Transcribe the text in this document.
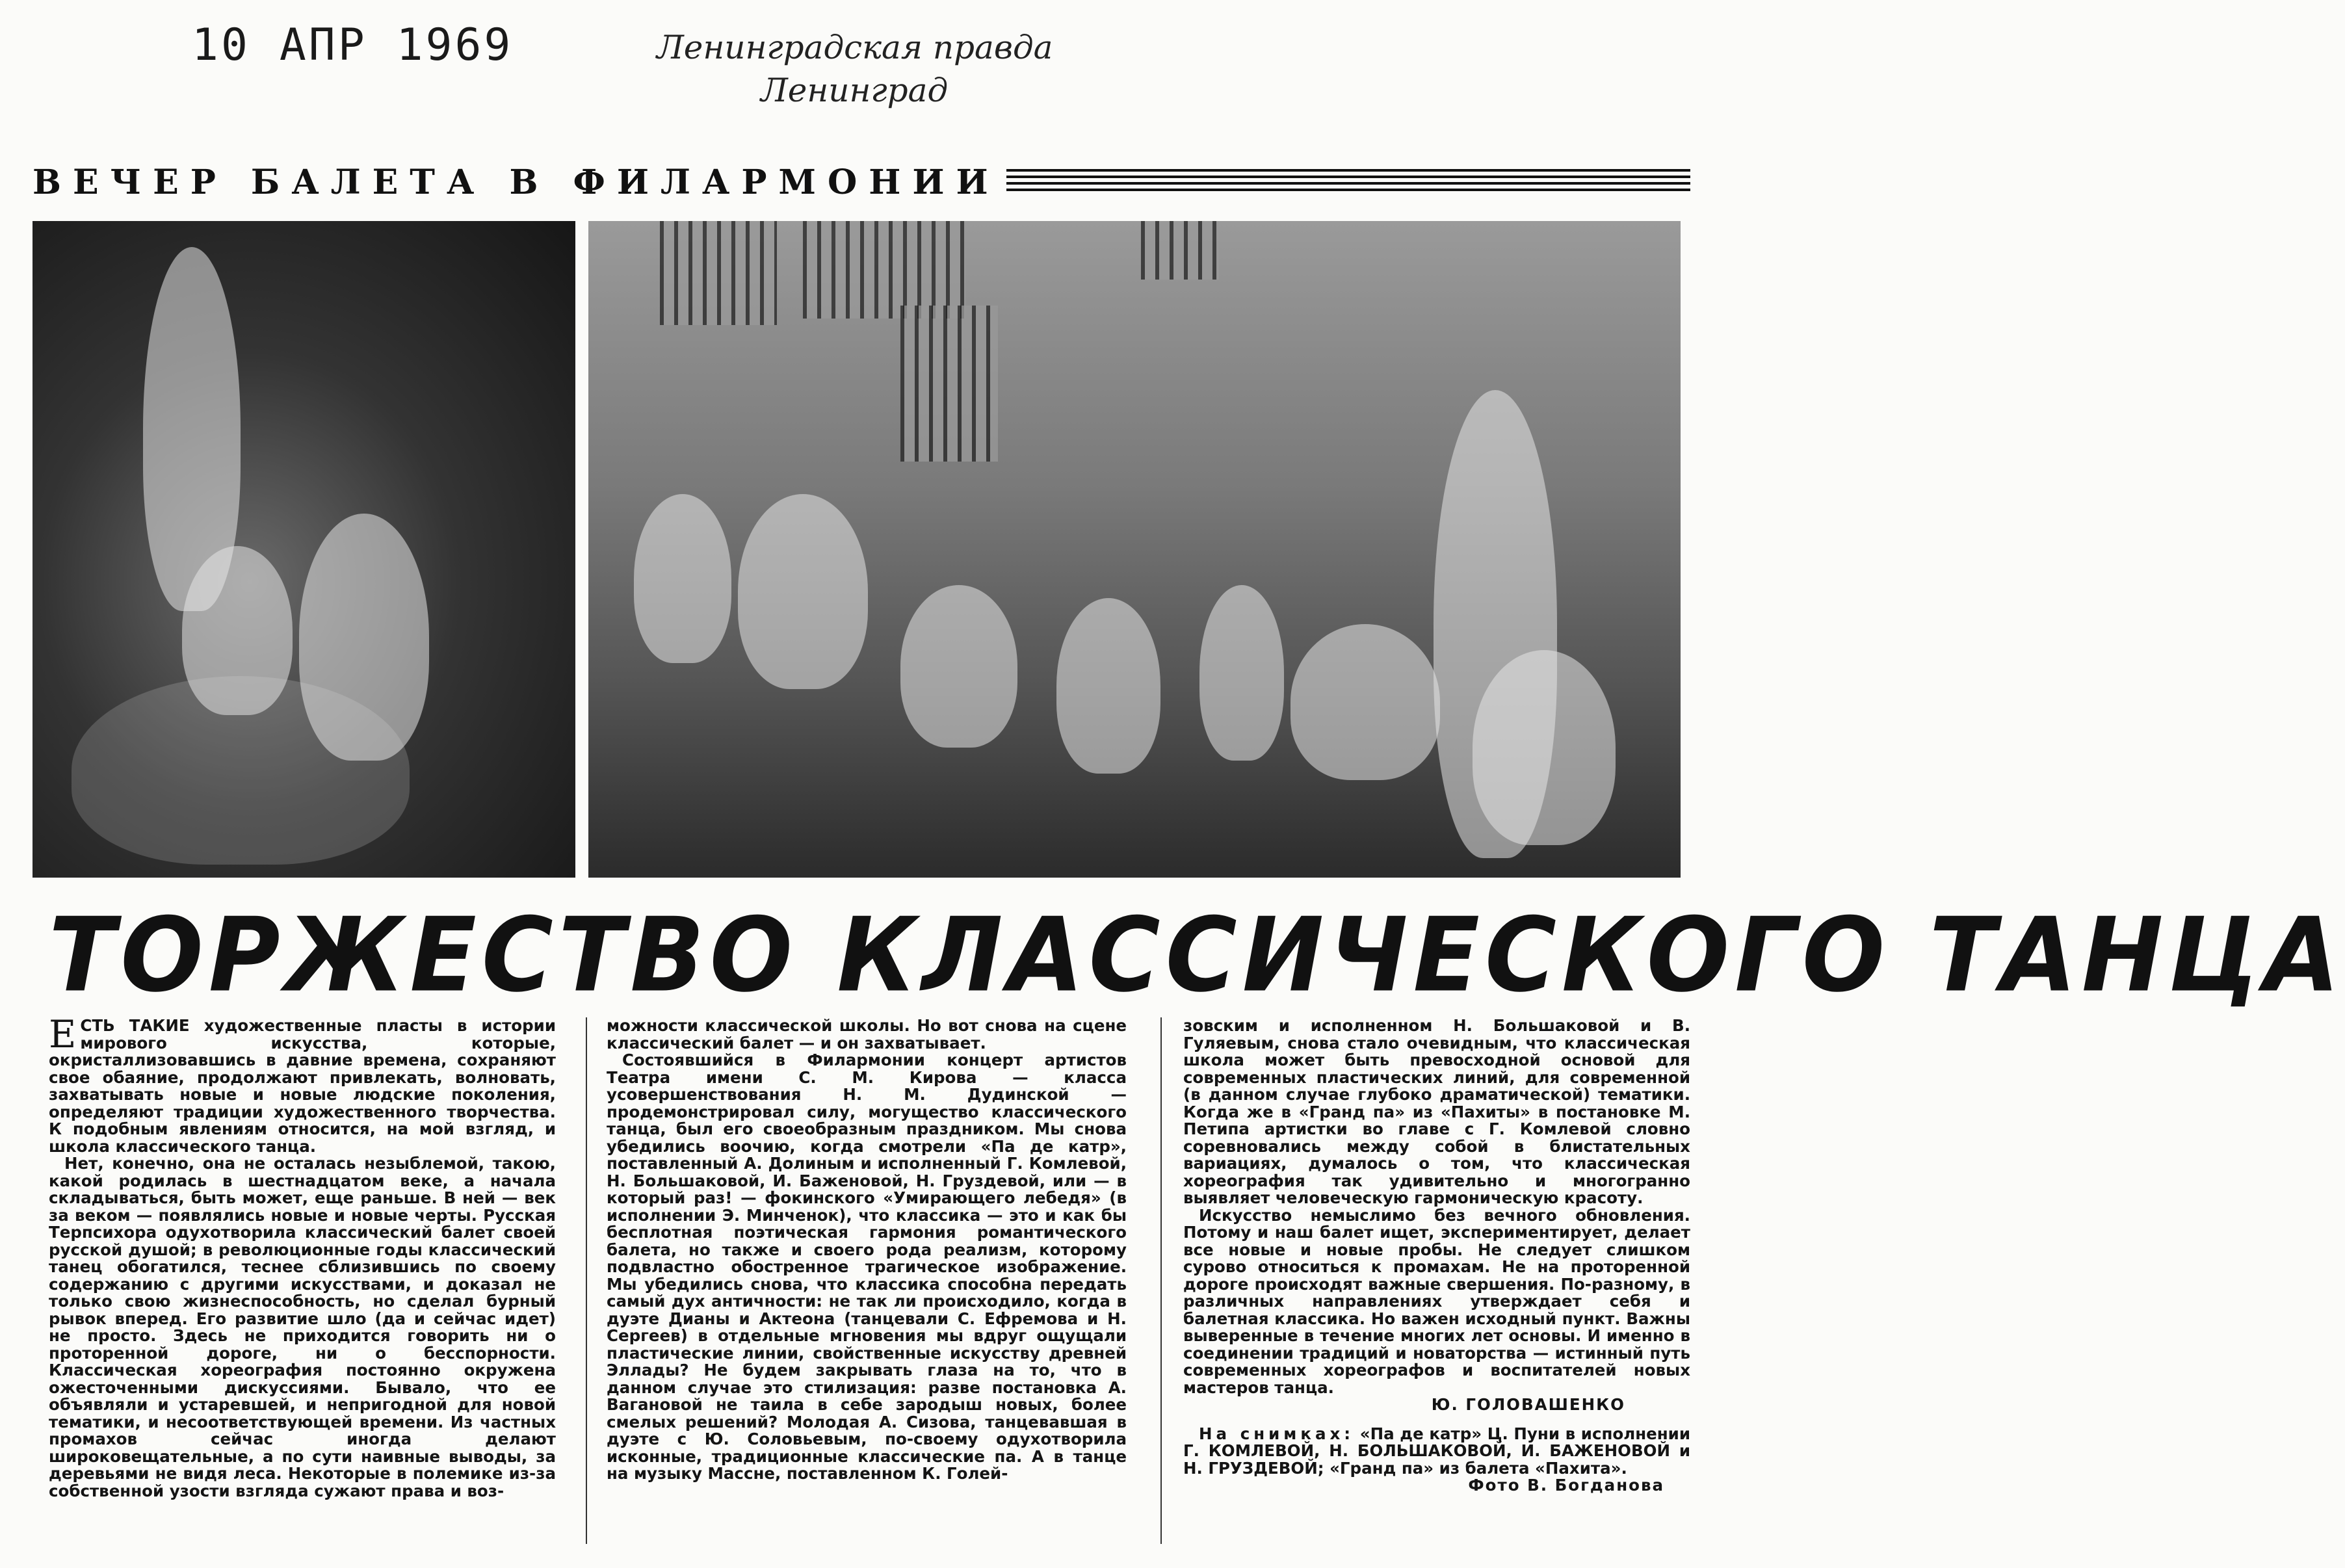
10 АПР 1969	Ленинградская правда
Ленинград
ВЕЧЕР БАЛЕТА В ФИЛАРМОНИИ
ТОРЖЕСТВО КЛАССИЧЕСКОГО ТАНЦА

ЕСТЬ ТАКИЕ художественные пласты в истории мирового искусства, которые, окристаллизовавшись в давние времена, сохраняют свое обаяние, продолжают привлекать, волновать, захватывать новые и новые людские поколения, определяют традиции художественного творчества. К подобным явлениям относится, на мой взгляд, и школа классического танца.

Нет, конечно, она не осталась незыблемой, такою, какой родилась в шестнадцатом веке, а начала складываться, быть может, еще раньше. В ней — век за веком — появлялись новые и новые черты. Русская Терпсихора одухотворила классический балет своей русской душой; в революционные годы классический танец обогатился, теснее сблизившись по своему содержанию с другими искусствами, и доказал не только свою жизнеспособность, но сделал бурный рывок вперед. Его развитие шло (да и сейчас идет) не просто. Здесь не приходится говорить ни о проторенной дороге, ни о бесспорности. Классическая хореография постоянно окружена ожесточенными дискуссиями. Бывало, что ее объявляли и устаревшей, и непригодной для новой тематики, и несоответствующей времени. Из частных промахов сейчас иногда делают широковещательные, а по сути наивные выводы, за деревьями не видя леса. Некоторые в полемике из-за собственной узости взгляда сужают права и воз-

можности классической школы. Но вот снова на сцене классический балет — и он захватывает.

Состоявшийся в Филармонии концерт артистов Театра имени С. М. Кирова — класса усовершенствования Н. М. Дудинской — продемонстрировал силу, могущество классического танца, был его своеобразным праздником. Мы снова убедились воочию, когда смотрели «Па де катр», поставленный А. Долиным и исполненный Г. Комлевой, Н. Большаковой, И. Баженовой, Н. Груздевой, или — в который раз! — фокинского «Умирающего лебедя» (в исполнении Э. Минченок), что классика — это и как бы бесплотная поэтическая гармония романтического балета, но также и своего рода реализм, которому подвластно обостренное трагическое изображение. Мы убедились снова, что классика способна передать самый дух античности: не так ли происходило, когда в дуэте Дианы и Актеона (танцевали С. Ефремова и Н. Сергеев) в отдельные мгновения мы вдруг ощущали пластические линии, свойственные искусству древней Эллады? Не будем закрывать глаза на то, что в данном случае это стилизация: разве постановка А. Вагановой не таила в себе зародыш новых, более смелых решений? Молодая А. Сизова, танцевавшая в дуэте с Ю. Соловьевым, по-своему одухотворила исконные, традиционные классические па. А в танце на музыку Массне, поставленном К. Голей-

зовским и исполненном Н. Большаковой и В. Гуляевым, снова стало очевидным, что классическая школа может быть превосходной основой для современных пластических линий, для современной (в данном случае глубоко драматической) тематики. Когда же в «Гранд па» из «Пахиты» в постановке М. Петипа артистки во главе с Г. Комлевой словно соревновались между собой в блистательных вариациях, думалось о том, что классическая хореография так удивительно и многогранно выявляет человеческую гармоническую красоту.

Искусство немыслимо без вечного обновления. Потому и наш балет ищет, экспериментирует, делает все новые и новые пробы. Не следует слишком сурово относиться к промахам. Не на проторенной дороге происходят важные свершения. По-разному, в различных направлениях утверждает себя и балетная классика. Но важен исходный пункт. Важны выверенные в течение многих лет основы. И именно в соединении традиций и новаторства — истинный путь современных хореографов и воспитателей новых мастеров танца.

Ю. ГОЛОВАШЕНКО

На снимках: «Па де катр» Ц. Пуни в исполнении Г. КОМЛЕВОЙ, Н. БОЛЬШАКОВОЙ, И. БАЖЕНОВОЙ и Н. ГРУЗДЕВОЙ; «Гранд па» из балета «Пахита».

Фото В. Богданова
